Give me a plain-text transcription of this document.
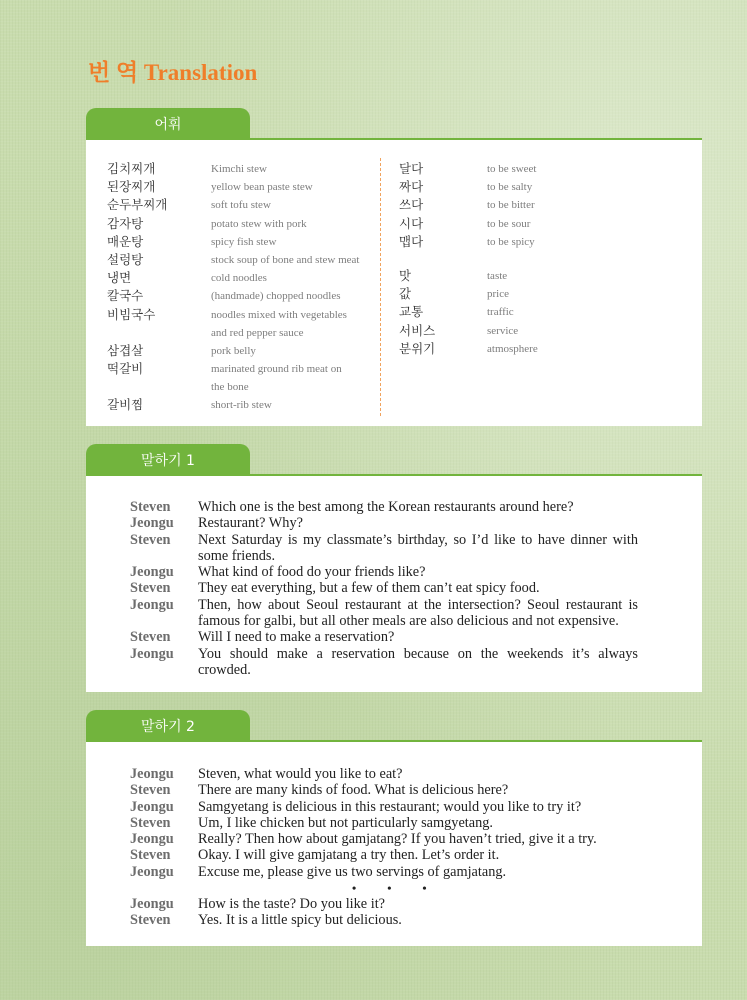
번 역 Translation
어휘
김치찌개	Kimchi stew
된장찌개	yellow bean paste stew
순두부찌개	soft tofu stew
감자탕	potato stew with pork
매운탕	spicy fish stew
설렁탕	stock soup of bone and stew meat
냉면	cold noodles
칼국수	(handmade) chopped noodles
비빔국수	noodles mixed with vegetables
and red pepper sauce
삼겹살	pork belly
떡갈비	marinated ground rib meat on
the bone
갈비찜	short-rib stew
달다	to be sweet
짜다	to be salty
쓰다	to be bitter
시다	to be sour
맵다	to be spicy
맛	taste
값	price
교통	traffic
서비스	service
분위기	atmosphere
말하기 1
Steven	Which one is the best among the Korean restaurants around here?
Jeongu	Restaurant? Why?
Steven	Next Saturday is my classmate’s birthday, so I’d like to have dinner with some friends.
Jeongu	What kind of food do your friends like?
Steven	They eat everything, but a few of them can’t eat spicy food.
Jeongu	Then, how about Seoul restaurant at the intersection? Seoul restaurant is famous for galbi, but all other meals are also delicious and not expensive.
Steven	Will I need to make a reservation?
Jeongu	You should make a reservation because on the weekends it’s always crowded.
말하기 2
Jeongu	Steven, what would you like to eat?
Steven	There are many kinds of food. What is delicious here?
Jeongu	Samgyetang is delicious in this restaurant; would you like to try it?
Steven	Um, I like chicken but not particularly samgyetang.
Jeongu	Really? Then how about gamjatang? If you haven’t tried, give it a try.
Steven	Okay. I will give gamjatang a try then. Let’s order it.
Jeongu	Excuse me, please give us two servings of gamjatang.
• • •
Jeongu	How is the taste? Do you like it?
Steven	Yes. It is a little spicy but delicious.
